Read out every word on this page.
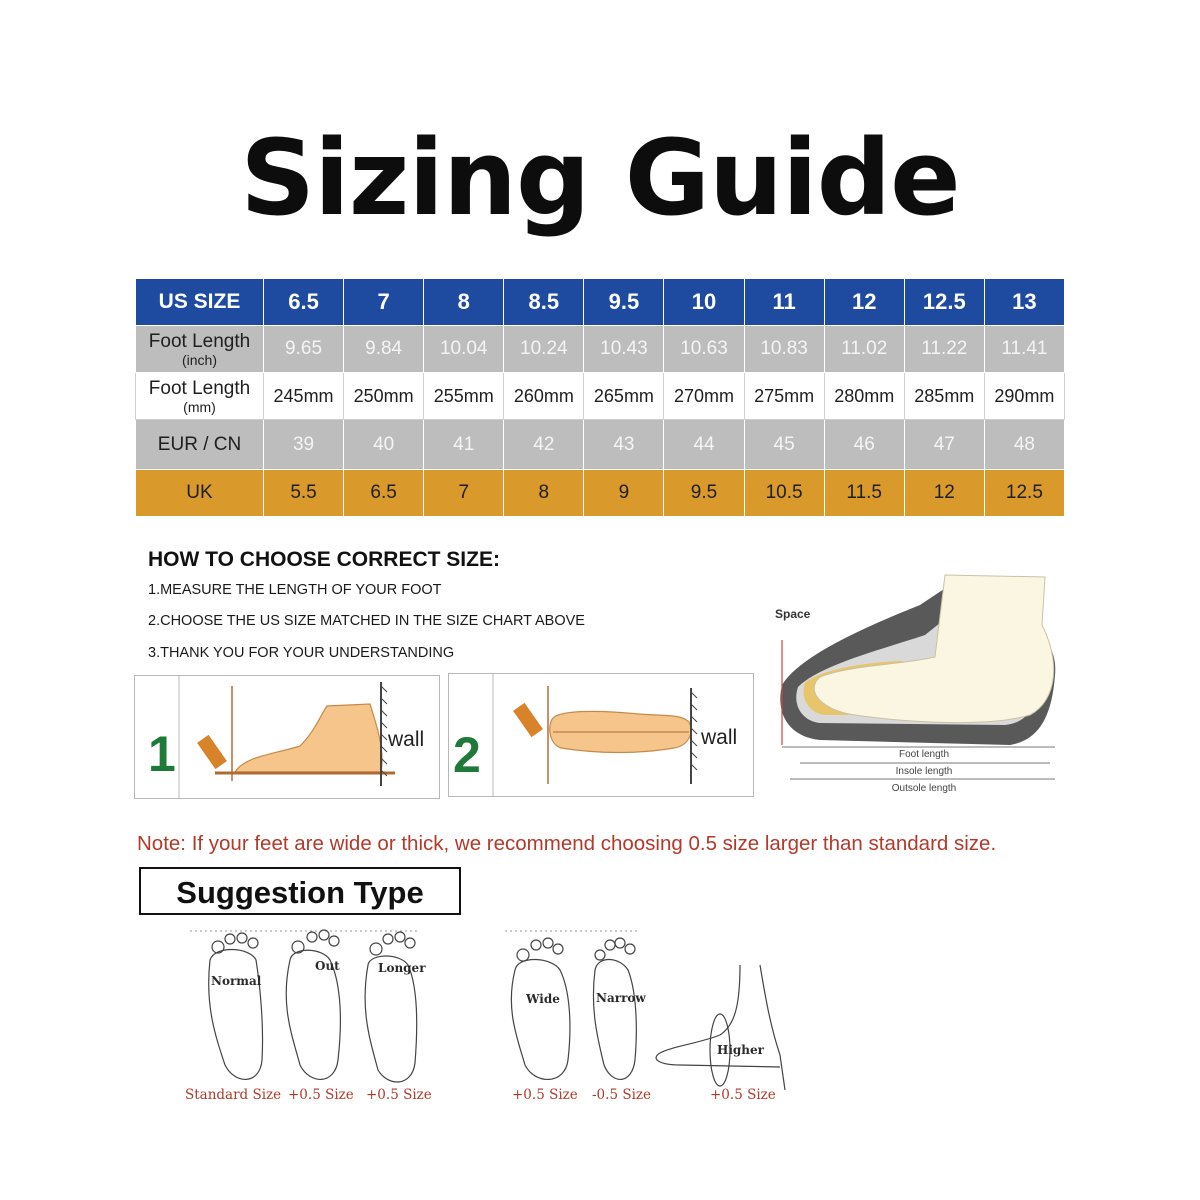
Sizing Guide
US SIZE	6.5	7	8	8.5	9.5	10	11	12	12.5	13

Foot Length
(inch)	9.65	9.84	10.04	10.24	10.43	10.63	10.83	11.02	11.22	11.41

Foot Length
(mm)	245mm	250mm	255mm	260mm	265mm	270mm	275mm	280mm	285mm	290mm
EUR / CN	39	40	41	42	43	44	45	46	47	48
UK	5.5	6.5	7	8	9	9.5	10.5	11.5	12	12.5
HOW TO CHOOSE CORRECT SIZE:
1.MEASURE THE LENGTH OF YOUR FOOT
2.CHOOSE THE US SIZE MATCHED IN THE SIZE CHART ABOVE
3.THANK YOU FOR YOUR UNDERSTANDING
1	wall 2	wall
Space
Foot length
Insole length
Outsole length
Note: If your feet are wide or thick, we recommend choosing 0.5 size larger than standard size.
Suggestion Type
Normal
Out	Longer
Wide	Narrow
Higher
Standard Size +0.5 Size +0.5 Size	+0.5 Size -0.5 Size	+0.5 Size
